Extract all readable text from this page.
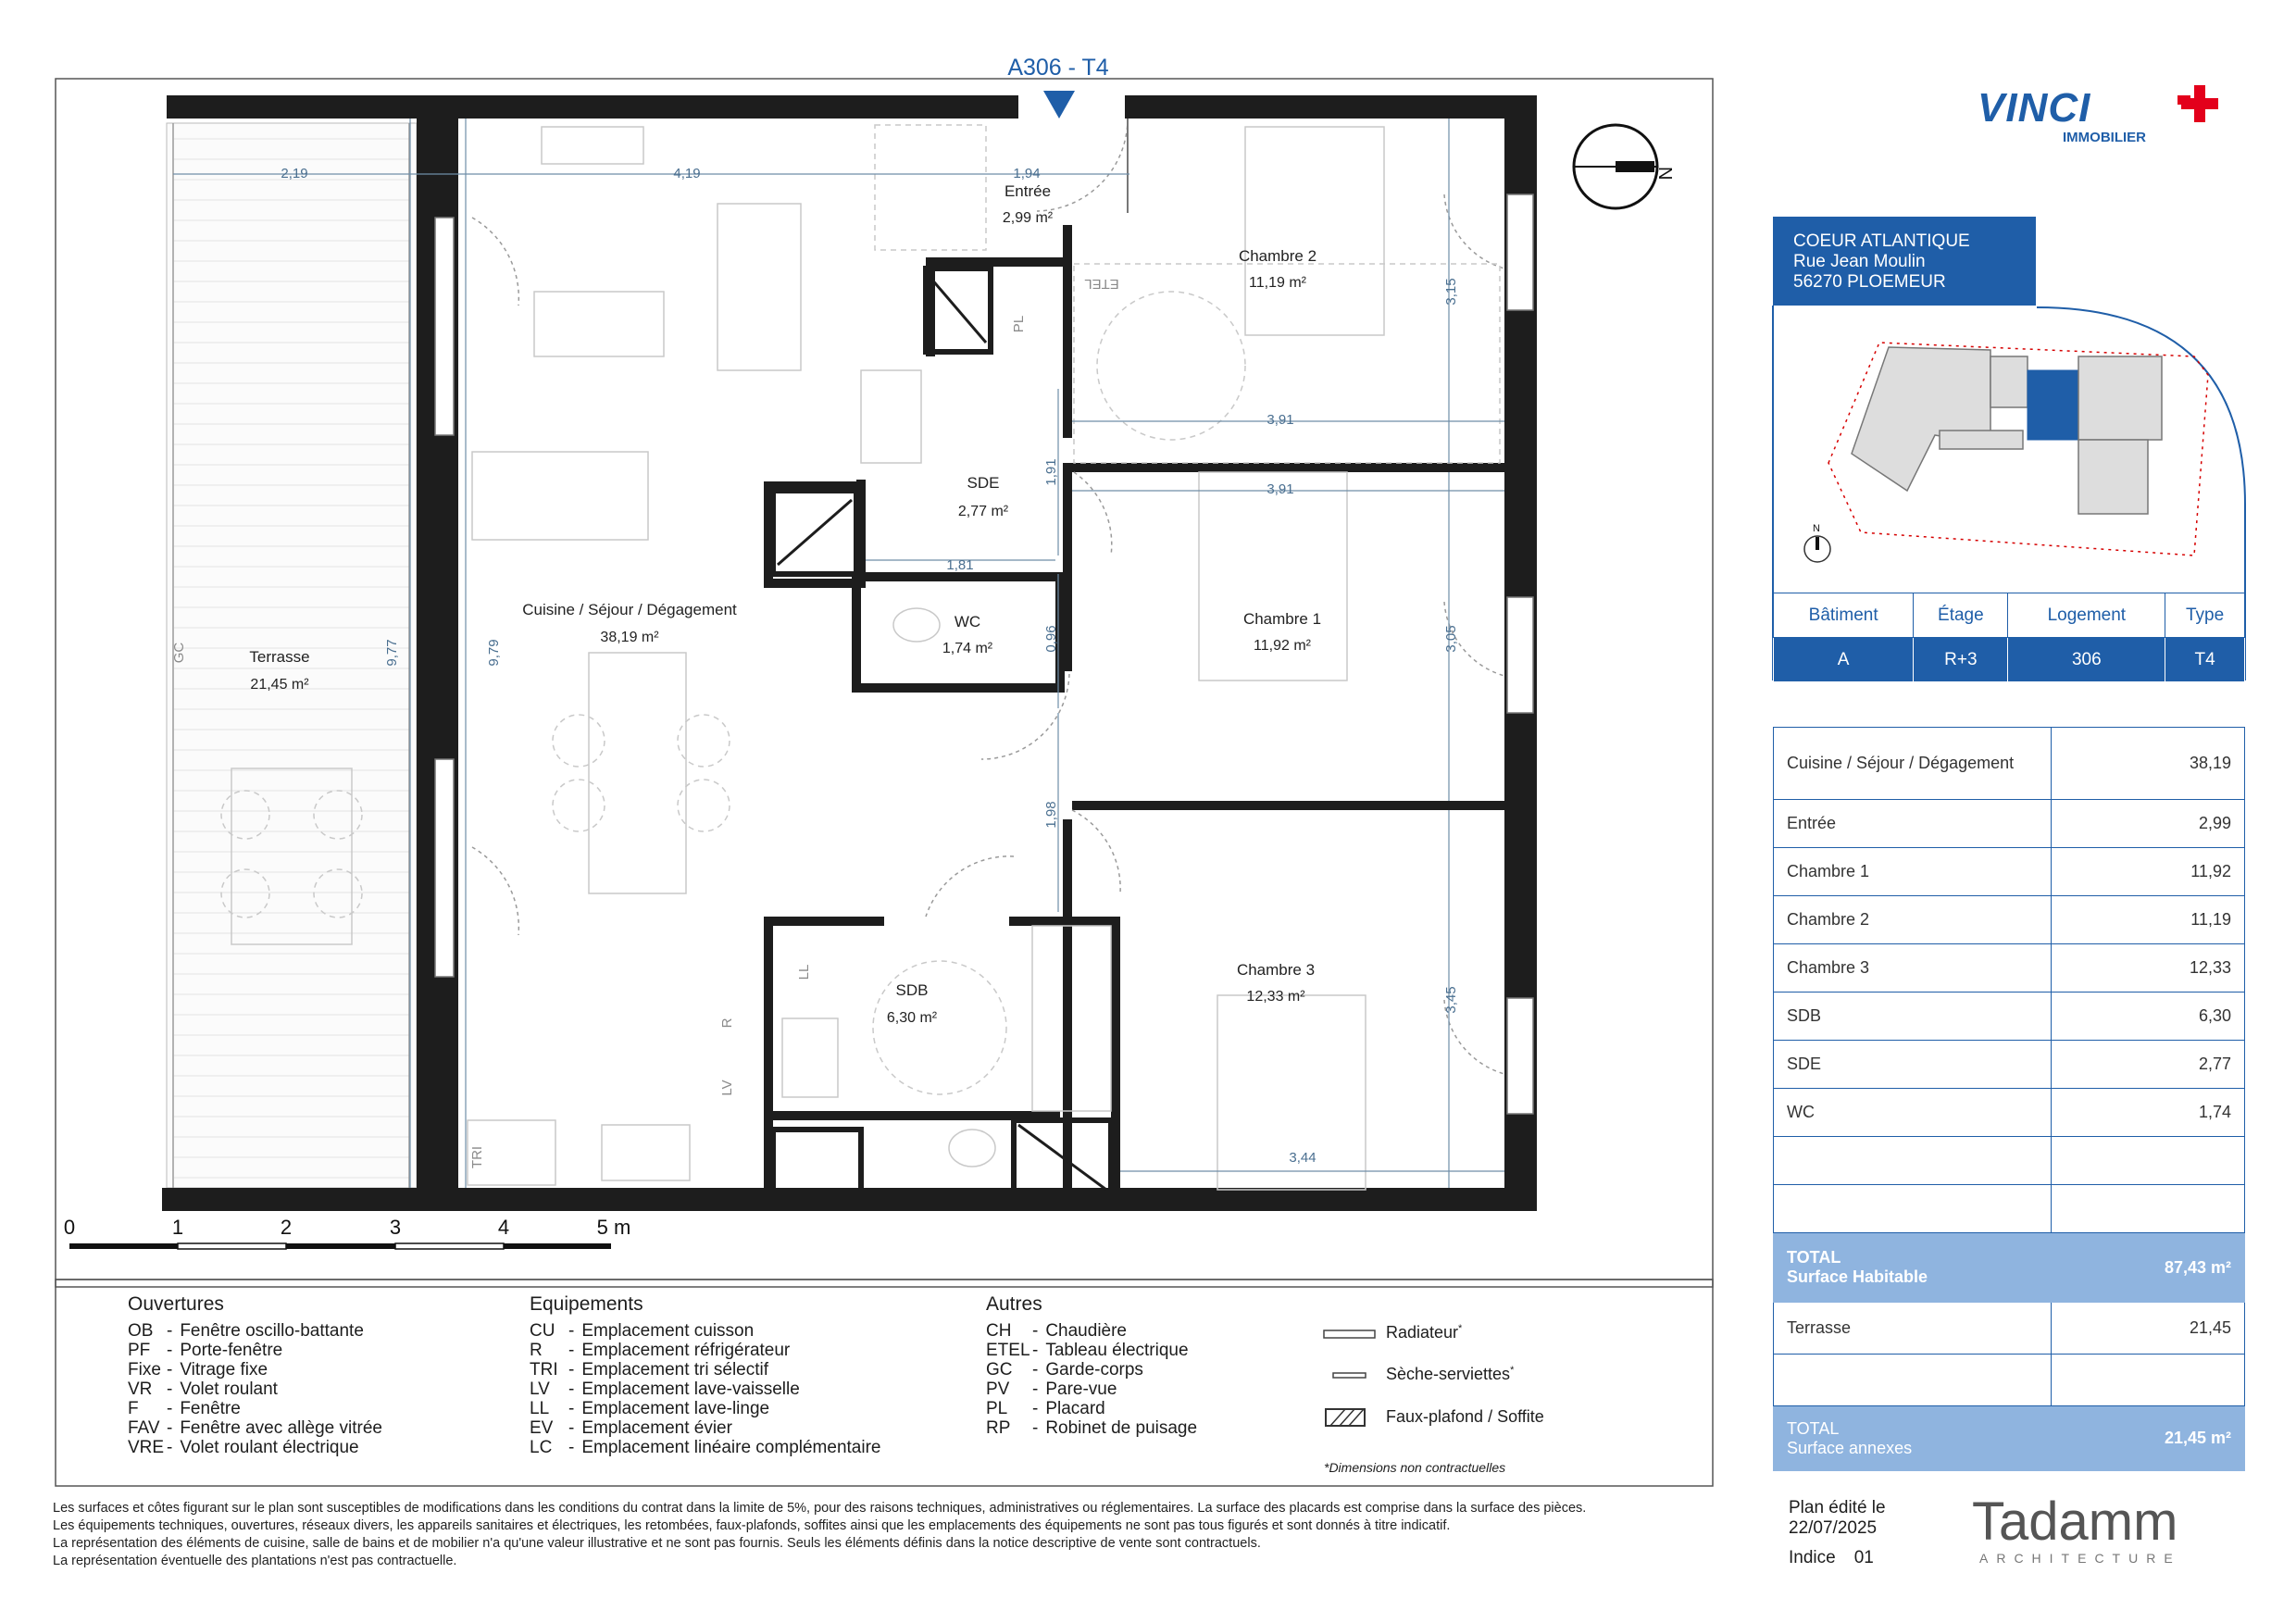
A306 - T4
2,19	4,19	1,94
3,91
3,91
3,15
1,91
1,81
0,96	3,05
1,98
9,77	9,79
3,45
3,44
PL
GC
LL
R
LV
TRI
ETEL
Entrée
2,99 m²
Chambre 2
11,19 m²
SDE
2,77 m²
WC
1,74 m²
Chambre 1
11,92 m²
Cuisine / Séjour / Dégagement
38,19 m²
Terrasse
21,45 m²
SDB
6,30 m²
Chambre 3
12,33 m²
N
0	1	2	3	4	5 m
N
VINCI
IMMOBILIER
COEUR ATLANTIQUE
Rue Jean Moulin
56270 PLOEMEUR
Bâtiment	Étage	Logement	Type
A	R+3	306	T4
Cuisine / Séjour / Dégagement	38,19
Entrée	2,99
Chambre 1	11,92
Chambre 2	11,19
Chambre 3	12,33
SDB	6,30
SDE	2,77
WC	1,74

TOTAL
Surface Habitable	87,43 m²
Terrasse	21,45

TOTAL
Surface annexes	21,45 m²
Plan édité le
22/07/2025
Indice 01
Tadamm
ARCHITECTURE
Ouvertures
OB - Fenêtre oscillo-battante
PF - Porte-fenêtre
Fixe - Vitrage fixe
VR - Volet roulant
F	- Fenêtre
FAV - Fenêtre avec allège vitrée
VRE - Volet roulant électrique
Equipements
CU - Emplacement cuisson
R	- Emplacement réfrigérateur
TRI - Emplacement tri sélectif
LV	- Emplacement lave-vaisselle
LL	- Emplacement lave-linge
EV - Emplacement évier
LC - Emplacement linéaire complémentaire
Autres
CH	- Chaudière
ETEL - Tableau électrique
GC	- Garde-corps
PV	- Pare-vue
PL	- Placard
RP	- Robinet de puisage
Radiateur*
Sèche-serviettes*
Faux-plafond / Soffite
*Dimensions non contractuelles

Les surfaces et côtes figurant sur le plan sont susceptibles de modifications dans les conditions du contrat dans la limite de 5%, pour des raisons techniques, administratives ou réglementaires. La surface des placards est comprise dans la surface des pièces.

Les équipements techniques, ouvertures, réseaux divers, les appareils sanitaires et électriques, les retombées, faux-plafonds, soffites ainsi que les emplacements des équipements ne sont pas tous figurés et sont donnés à titre indicatif.

La représentation des éléments de cuisine, salle de bains et de mobilier n'a qu'une valeur illustrative et ne sont pas fournis. Seuls les éléments définis dans la notice descriptive de vente sont contractuels.

La représentation éventuelle des plantations n'est pas contractuelle.
